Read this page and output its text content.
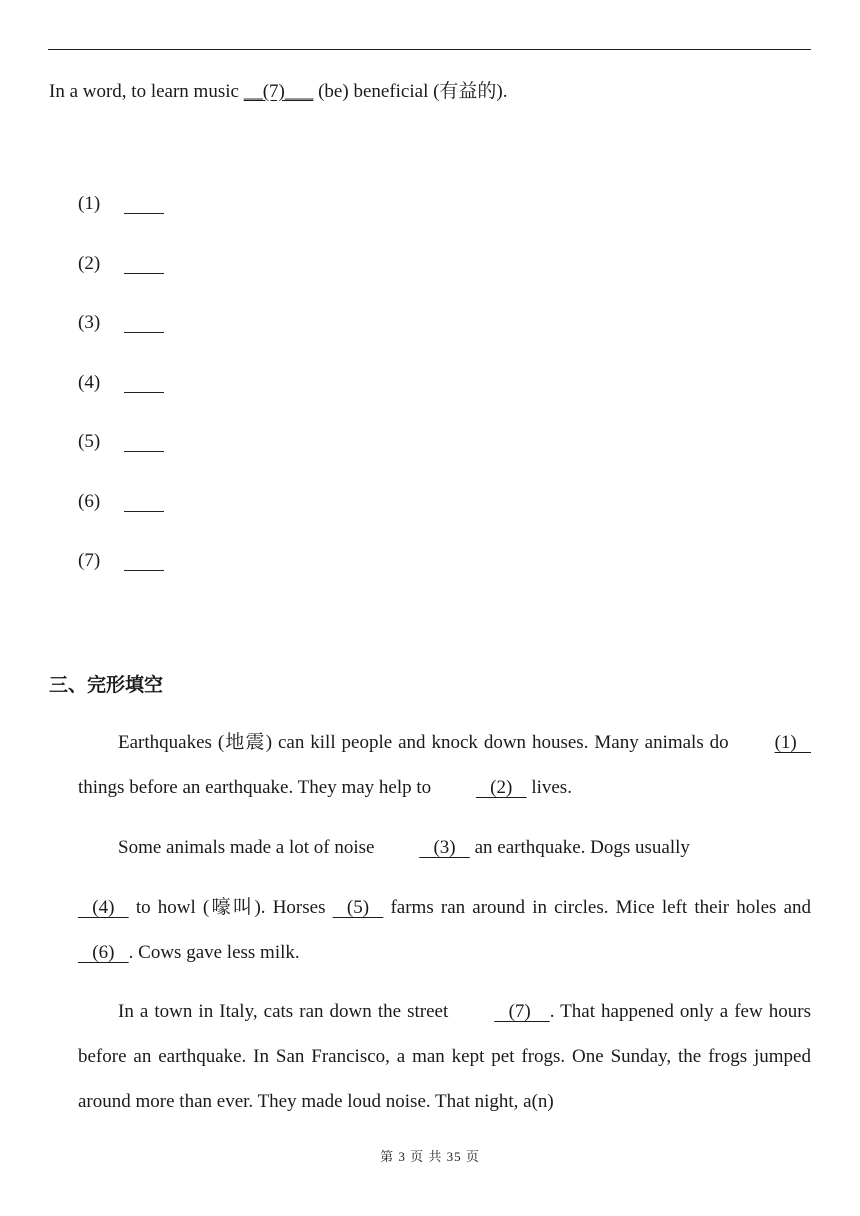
In a word, to learn music __(7)___ (be) beneficial (有益的).
(1)
(2)
(3)
(4)
(5)
(6)
(7)
三、完形填空
Earthquakes (地震) can kill people and knock down houses. Many animals do (1)    things before an earthquake. They may help to    (2)    lives.
Some animals made a lot of noise    (3)    an earthquake. Dogs usually
(4)    to howl (嚎叫). Horses    (5)    farms ran around in circles. Mice left their holes and    (6)   . Cows gave less milk.
In a town in Italy, cats ran down the street    (7)    . That happened only a few hours before an earthquake. In San Francisco, a man kept pet frogs. One Sunday, the frogs jumped around more than ever. They made loud noise. That night, a(n)
第 3 页 共 35 页
